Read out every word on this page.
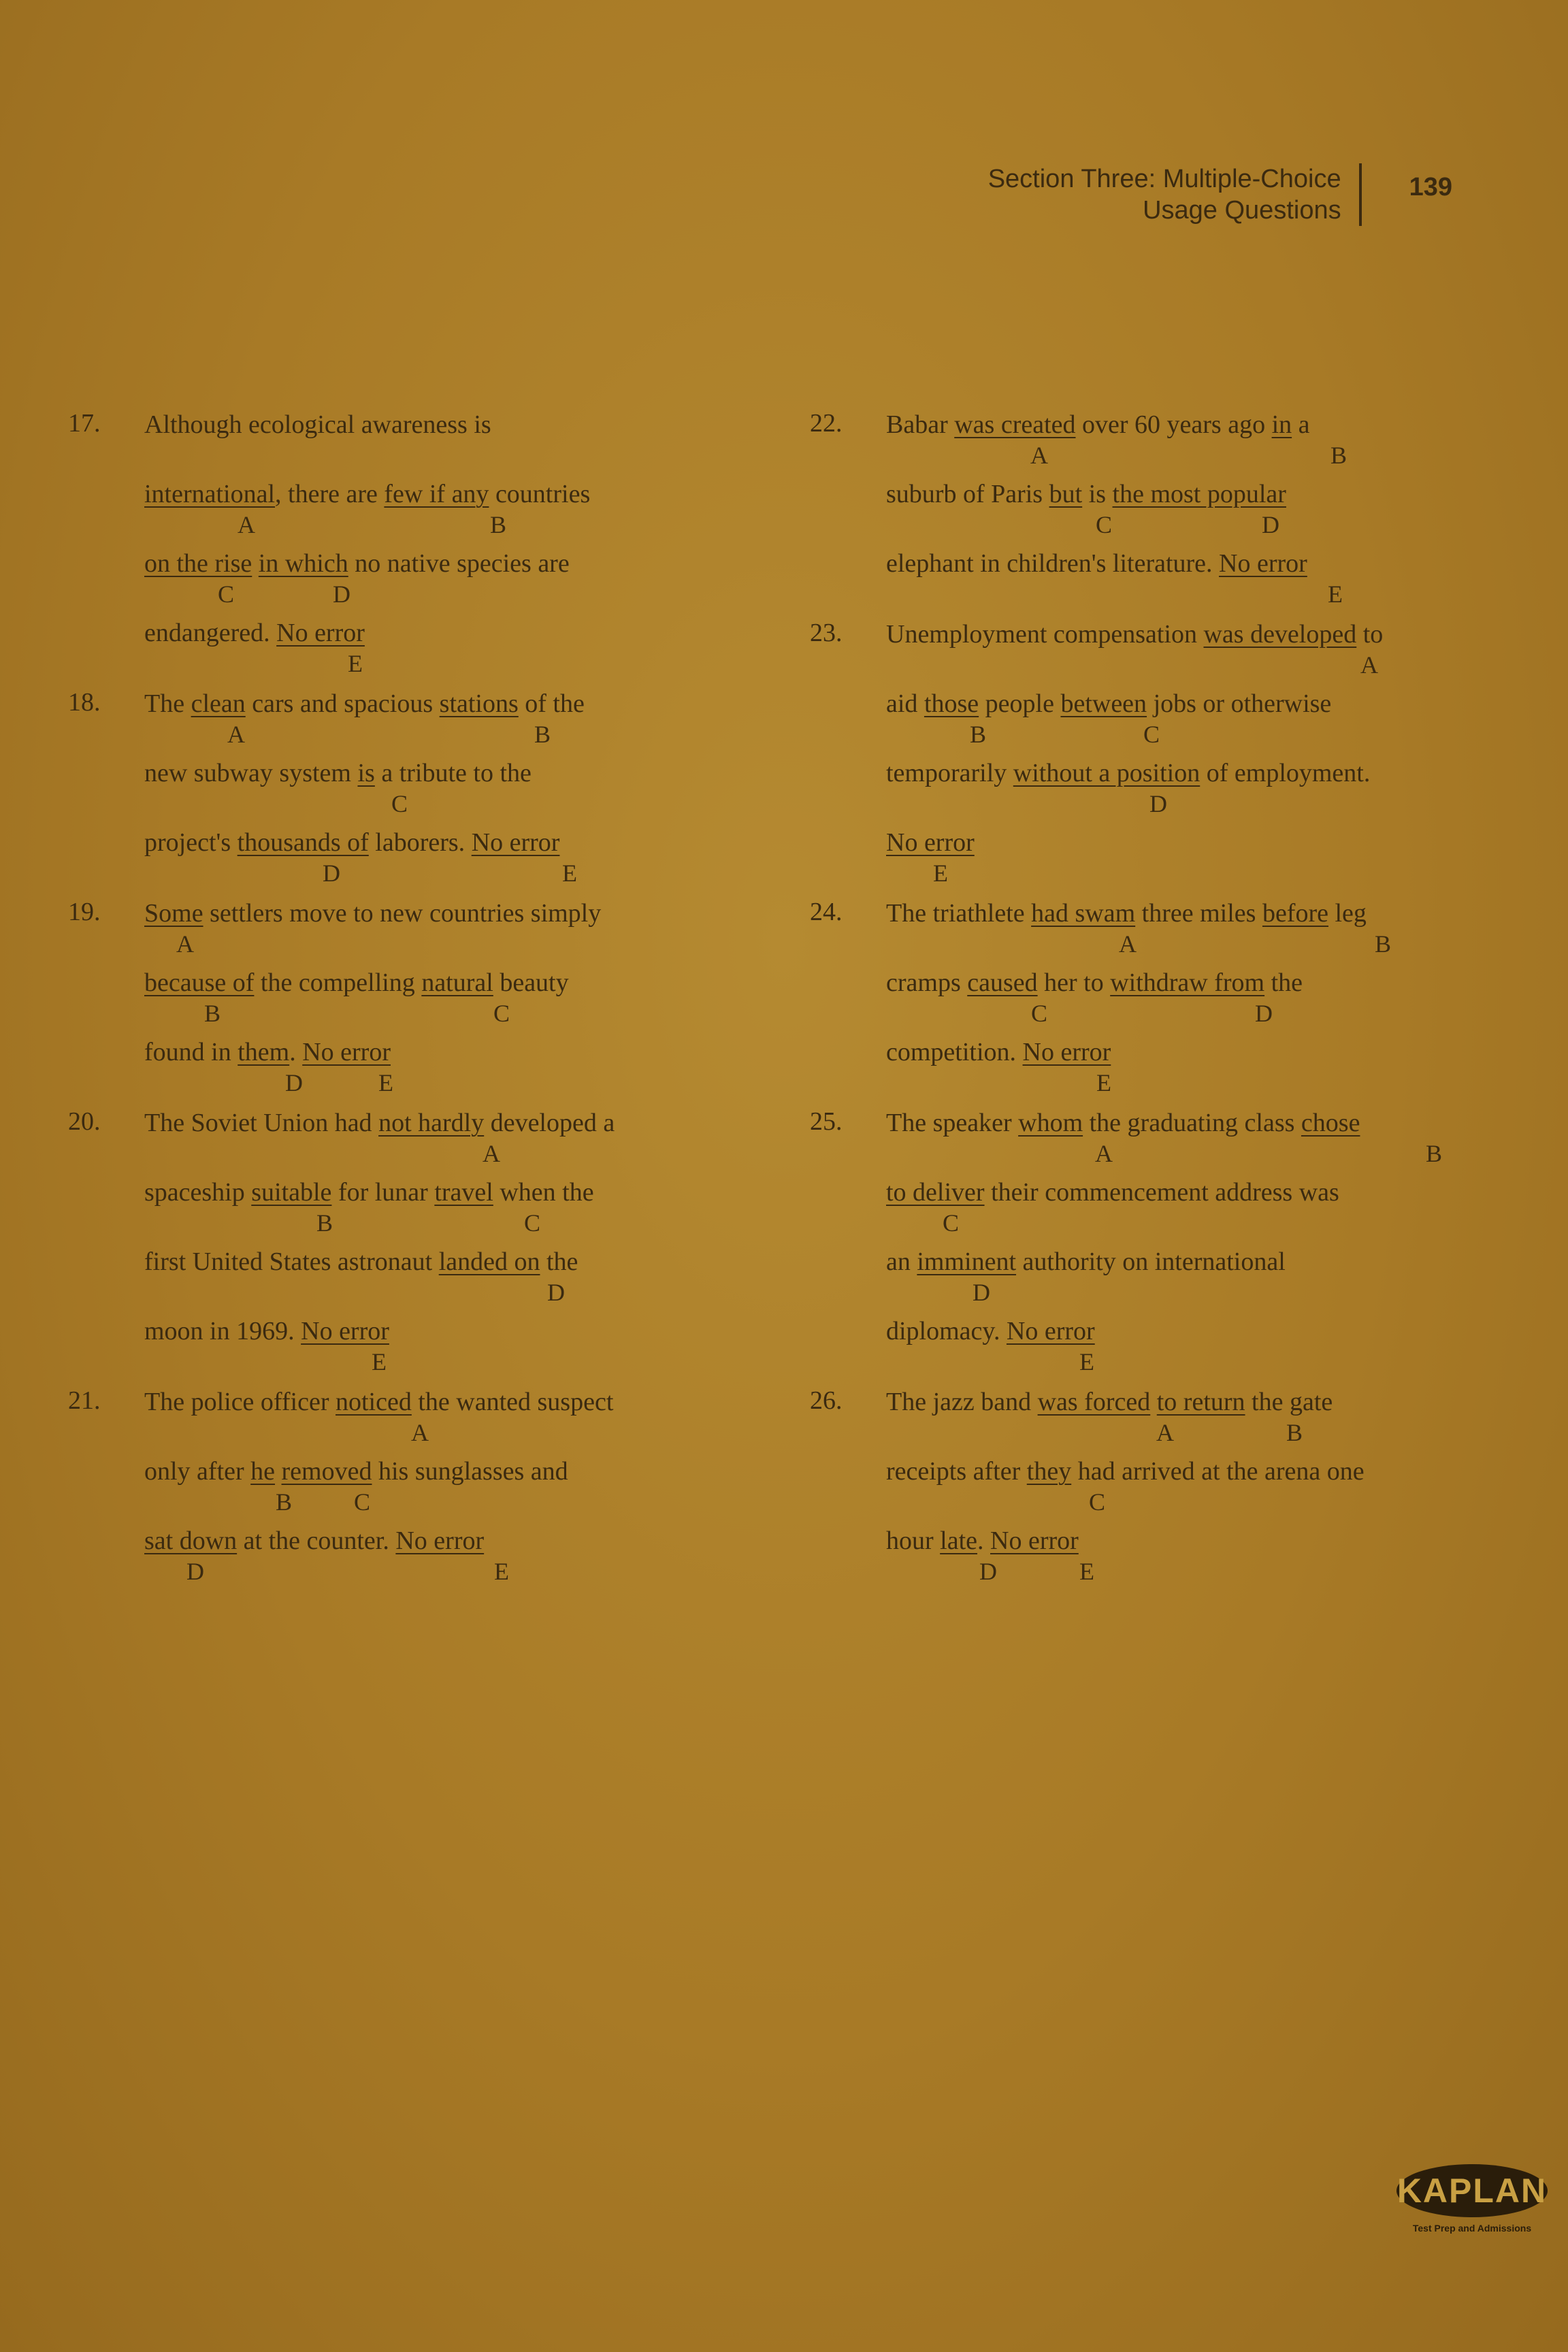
Section Three: Multiple-Choice
Usage Questions
139
17. Although ecological awareness is
international, there are few if any countries
A	B
on the rise in which no native species are
C	D
endangered. No error
E
18. The clean cars and spacious stations of the
A	B
new subway system is a tribute to the
C
project's thousands of laborers. No error
D	E
19. Some settlers move to new countries simply
A
because of the compelling natural beauty
B	C
found in them. No error
D	E
20. The Soviet Union had not hardly developed a
A
spaceship suitable for lunar travel when the
B	C
first United States astronaut landed on the
D
moon in 1969. No error
E
21. The police officer noticed the wanted suspect
A
only after he removed his sunglasses and
B	C
sat down at the counter. No error
D	E
22. Babar was created over 60 years ago in a
A	B
suburb of Paris but is the most popular
C	D
elephant in children's literature. No error
E
23. Unemployment compensation was developed to
A
aid those people between jobs or otherwise
B	C
temporarily without a position of employment.
D
No error
E
24. The triathlete had swam three miles before leg
A	B
cramps caused her to withdraw from the
C	D
competition. No error
E
25. The speaker whom the graduating class chose
A	B
to deliver their commencement address was
C
an imminent authority on international
D
diplomacy. No error
E
26. The jazz band was forced to return the gate
A	B
receipts after they had arrived at the arena one
C
hour late. No error
D	E
KAPLAN
Test Prep and Admissions
